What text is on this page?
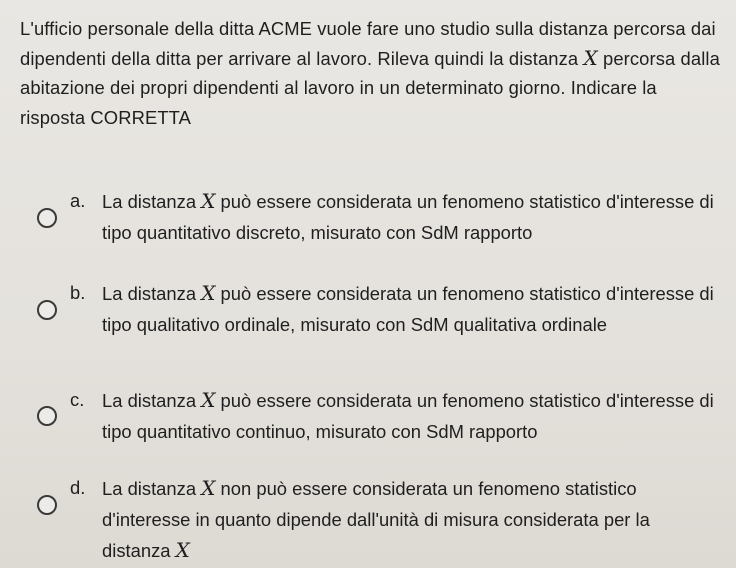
L'ufficio personale della ditta ACME vuole fare uno studio sulla distanza percorsa dai dipendenti della ditta per arrivare al lavoro. Rileva quindi la distanza X percorsa dalla abitazione dei propri dipendenti al lavoro in un determinato giorno. Indicare la risposta CORRETTA
a. La distanza X può essere considerata un fenomeno statistico d'interesse di tipo quantitativo discreto, misurato con SdM rapporto
b. La distanza X può essere considerata un fenomeno statistico d'interesse di tipo qualitativo ordinale, misurato con SdM qualitativa ordinale
c. La distanza X può essere considerata un fenomeno statistico d'interesse di tipo quantitativo continuo, misurato con SdM rapporto
d. La distanza X non può essere considerata un fenomeno statistico d'interesse in quanto dipende dall'unità di misura considerata per la distanza X
